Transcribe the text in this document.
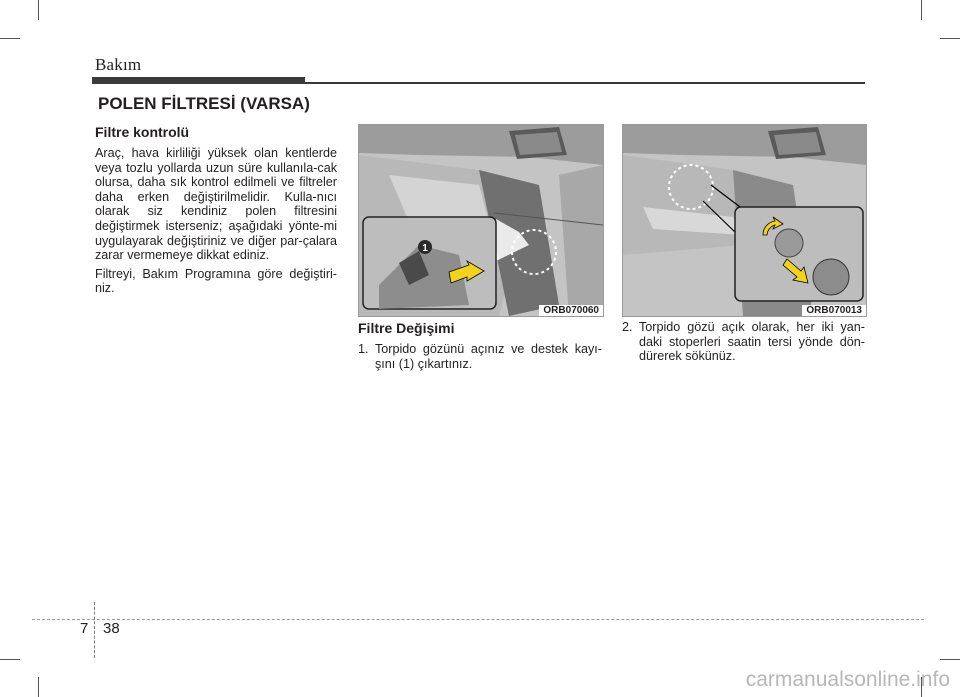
Bakım
POLEN FİLTRESİ (VARSA)
Filtre kontrolü
Araç, hava kirliliği yüksek olan kentlerde veya tozlu yollarda uzun süre kullanıla-cak olursa, daha sık kontrol edilmeli ve filtreler daha erken değiştirilmelidir. Kulla-nıcı olarak siz kendiniz polen filtresini değiştirmek isterseniz; aşağıdaki yönte-mi uygulayarak değiştiriniz ve diğer par-çalara zarar vermemeye dikkat ediniz.
Filtreyi, Bakım Programına göre değiştiri-niz.
1
ORB070060	ORB070013
Filtre Değişimi
1. Torpido gözünü açınız ve destek kayı-şını (1) çıkartınız.
2. Torpido gözü açık olarak, her iki yan-daki stoperleri saatin tersi yönde dön-dürerek sökünüz.
7 38
carmanualsonline.info
